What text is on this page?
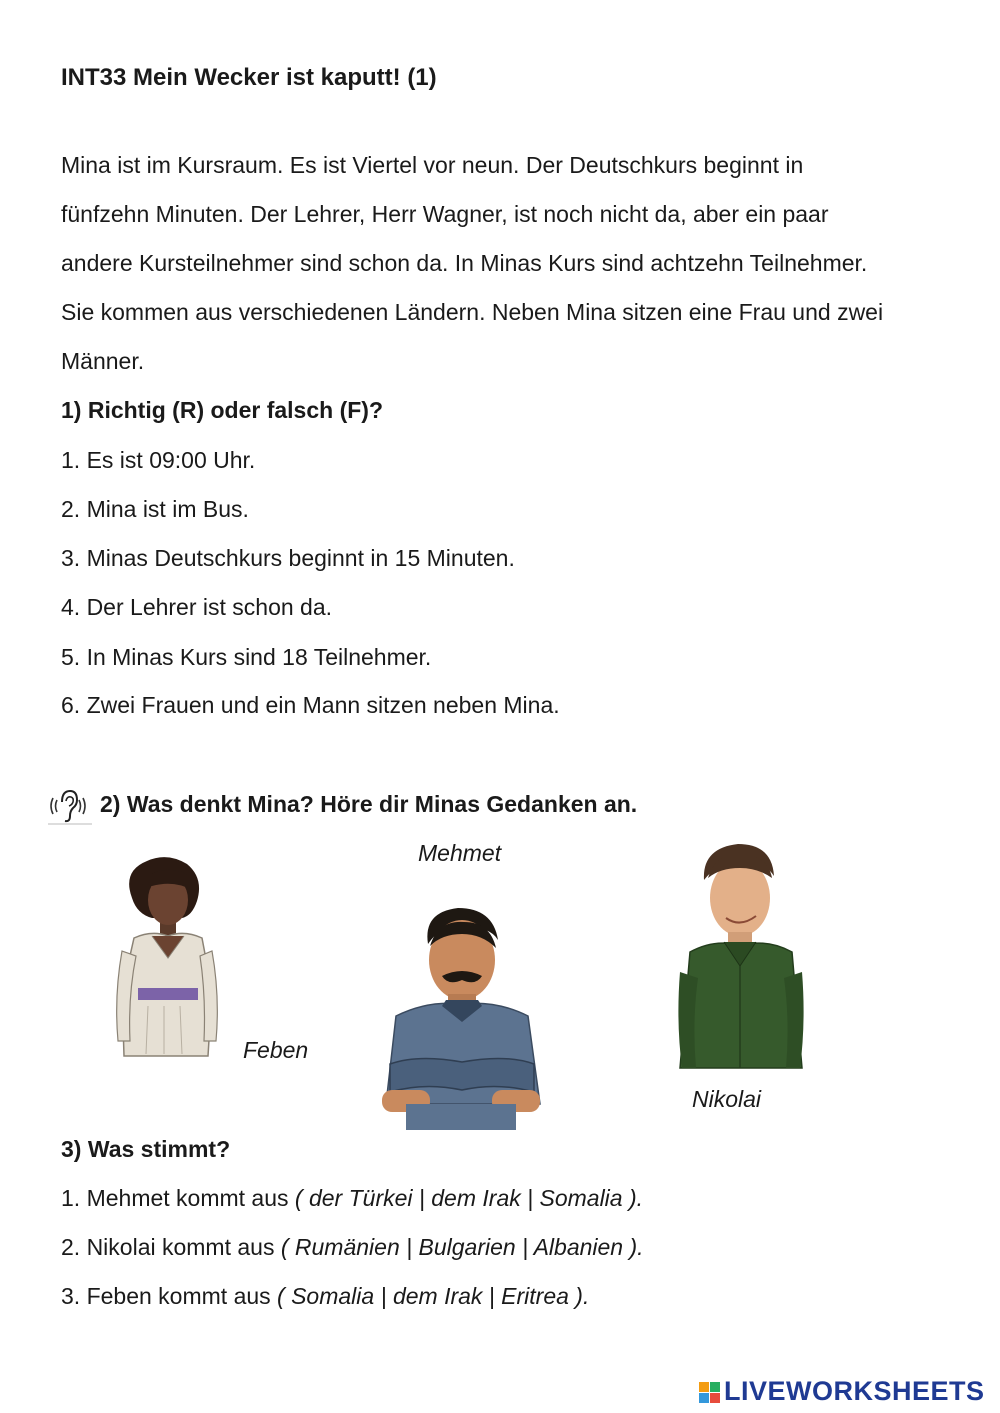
INT33 Mein Wecker ist kaputt! (1)
Mina ist im Kursraum. Es ist Viertel vor neun. Der Deutschkurs beginnt in
fünfzehn Minuten. Der Lehrer, Herr Wagner, ist noch nicht da, aber ein paar
andere Kursteilnehmer sind schon da. In Minas Kurs sind achtzehn Teilnehmer.
Sie kommen aus verschiedenen Ländern. Neben Mina sitzen eine Frau und zwei
Männer.
1) Richtig (R) oder falsch (F)?
1. Es ist 09:00 Uhr.
2. Mina ist im Bus.
3. Minas Deutschkurs beginnt in 15 Minuten.
4. Der Lehrer ist schon da.
5. In Minas Kurs sind 18 Teilnehmer.
6. Zwei Frauen und ein Mann sitzen neben Mina.
2) Was denkt Mina? Höre dir Minas Gedanken an.
Mehmet
Feben
Nikolai
3) Was stimmt?
1. Mehmet kommt aus ( der Türkei | dem Irak | Somalia ).
2. Nikolai kommt aus ( Rumänien | Bulgarien | Albanien ).
3. Feben kommt aus ( Somalia | dem Irak | Eritrea ).
LIVEWORKSHEETS
